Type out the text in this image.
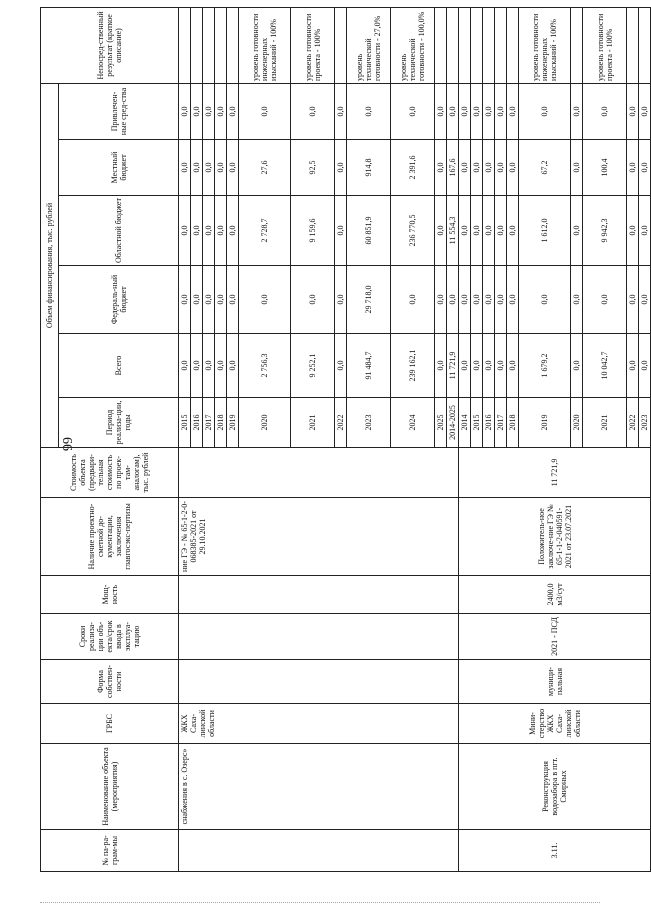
66
№ па-ра-грам-мы	Наименование объекта (мероприятия)	ГРБС	Форма собствен-ности	Сроки реализа-ции объ-екта/срок ввода в эксплуа-тацию	Мощ-ность	Наличие проектно-сметной до-кументации, заключения главгосэкс-пертизы	Стоимость объекта (предвари-тельная стоимость по проек-там-аналогам), тыс. рублей	Объем финансирования, тыс. рублей						Непосред-ственный результат (краткое описание)
								Период реализа-ции, годы	Всего	Федераль-ный бюджет	Областной бюджет	Местный бюджет	Привлечен-ные сред-ства	
	снабжения в с. Озерс»	ЖКХ Саха-линской области				ние ГЭ - № 65-1-2-0-068385-2021 от 29.10.2021		2015	0,0	0,0	0,0	0,0	0,0	
								2016	0,0	0,0	0,0	0,0	0,0	
								2017	0,0	0,0	0,0	0,0	0,0	
								2018	0,0	0,0	0,0	0,0	0,0	
								2019	0,0	0,0	0,0	0,0	0,0	
								2020	2 756,3	0,0	2 728,7	27,6	0,0	уровень готовности инженерных изысканий - 100%
								2021	9 252,1	0,0	9 159,6	92,5	0,0	уровень готовности проекта - 100%
								2022	0,0	0,0	0,0	0,0	0,0	
								2023	91 484,7	29 718,0	60 851,9	914,8	0,0	уровень технической готовности - 27,0%
								2024	239 162,1	0,0	236 770,5	2 391,6	0,0	уровень технической готовности - 100,0%
								2025	0,0	0,0	0,0	0,0	0,0	
								2014-2025	11 721,9	0,0	11 554,3	167,6	0,0	
3.11.	Реконструкция водозабора в пгт. Смирных	Мини-стерство ЖКХ Саха-линской области	муници-пальная	2021 - ПСД	2400,0 м3/сут	Положитель-ное заключе-ние ГЭ № 65-1-1-2-040591-2021 от 23.07.2021	11 721,9	2014	0,0	0,0	0,0	0,0	0,0	
								2015	0,0	0,0	0,0	0,0	0,0	
								2016	0,0	0,0	0,0	0,0	0,0	
								2017	0,0	0,0	0,0	0,0	0,0	
								2018	0,0	0,0	0,0	0,0	0,0	
								2019	1 679,2	0,0	1 612,0	67,2	0,0	уровень готовности инженерных изысканий - 100%
								2020	0,0	0,0	0,0	0,0	0,0	
								2021	10 042,7	0,0	9 942,3	100,4	0,0	уровень готовности проекта - 100%
								2022	0,0	0,0	0,0	0,0	0,0	
								2023	0,0	0,0	0,0	0,0	0,0	
